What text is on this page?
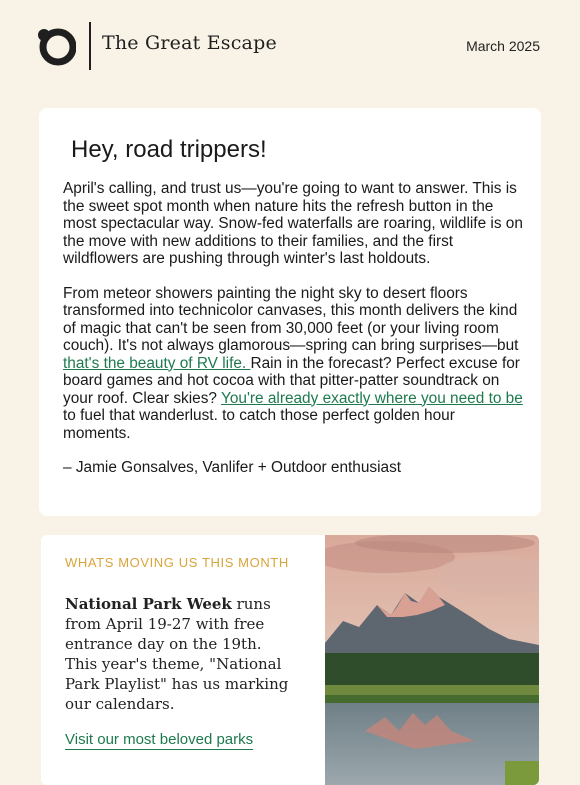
The Great Escape	March 2025
Hey, road trippers!

April's calling, and trust us—you're going to want to answer. This is the sweet spot month when nature hits the refresh button in the most spectacular way. Snow-fed waterfalls are roaring, wildlife is on the move with new additions to their families, and the first wildflowers are pushing through winter's last holdouts.

From meteor showers painting the night sky to desert floors transformed into technicolor canvases, this month delivers the kind of magic that can't be seen from 30,000 feet (or your living room couch). It's not always glamorous—spring can bring surprises—but that's the beauty of RV life. Rain in the forecast? Perfect excuse for board games and hot cocoa with that pitter-patter soundtrack on your roof. Clear skies? You're already exactly where you need to be to fuel that wanderlust. to catch those perfect golden hour moments.

– Jamie Gonsalves, Vanlifer + Outdoor enthusiast

WHATS MOVING US THIS MONTH

National Park Week runs from April 19-27 with free entrance day on the 19th.

This year's theme, "National Park Playlist" has us marking our calendars.

Visit our most beloved parks
